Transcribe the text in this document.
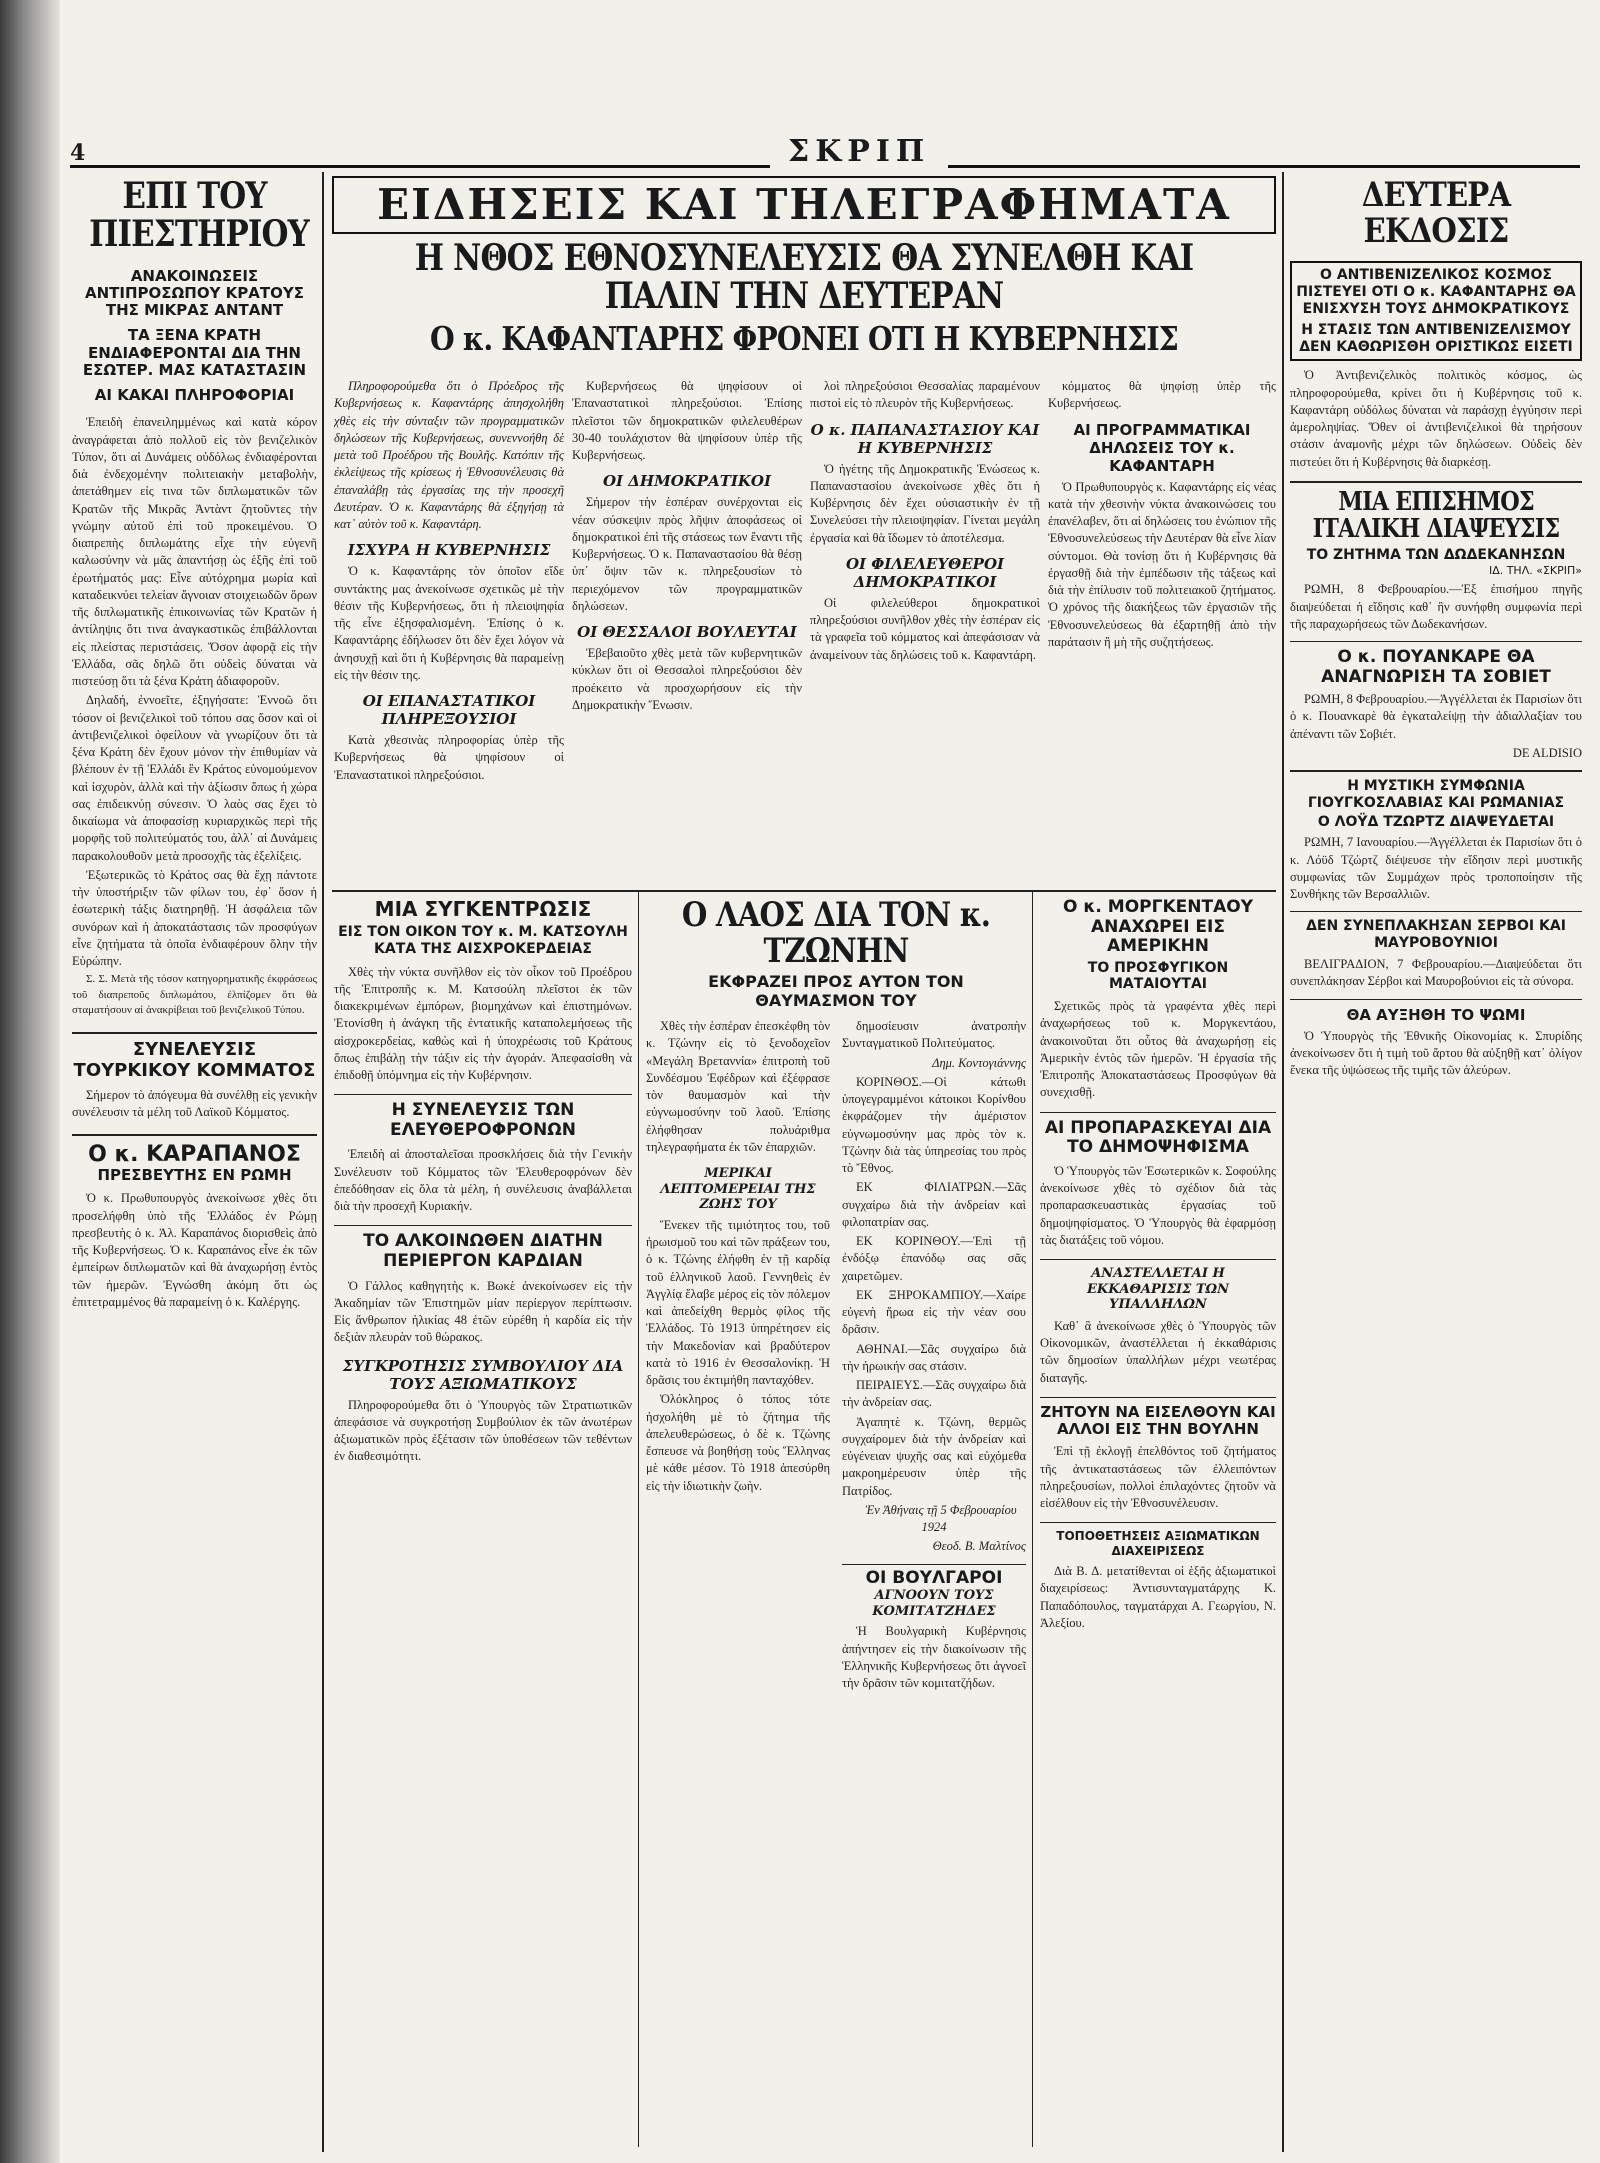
4	ΣΚΡΙΠ
ΕΠΙ ΤΟΥ ΠΙΕΣΤΗΡΙΟΥ
ΑΝΑΚΟΙΝΩΣΕΙΣ ΑΝΤΙΠΡΟΣΩΠΟΥ ΚΡΑΤΟΥΣ ΤΗΣ ΜΙΚΡΑΣ ΑΝΤΑΝΤ
ΤΑ ΞΕΝΑ ΚΡΑΤΗ ΕΝΔΙΑΦΕΡΟΝΤΑΙ ΔΙΑ ΤΗΝ ΕΣΩΤΕΡ. ΜΑΣ ΚΑΤΑΣΤΑΣΙΝ
ΑΙ ΚΑΚΑΙ ΠΛΗΡΟΦΟΡΙΑΙ

Ἐπειδὴ ἐπανειλημμένως καὶ κατὰ κόρον ἀναγράφεται ἀπὸ πολλοῦ εἰς τὸν βενιζελικὸν Τύπον, ὅτι αἱ Δυνάμεις οὐδόλως ἐνδιαφέρονται διὰ ἐνδεχομένην πολιτειακὴν μεταβολὴν, ἀπετάθημεν εἰς τινα τῶν διπλωματικῶν τῶν Κρατῶν τῆς Μικρᾶς Ἀντὰντ ζητοῦντες τὴν γνώμην αὐτοῦ ἐπὶ τοῦ προκειμένου. Ὁ διαπρεπὴς διπλωμάτης εἶχε τὴν εὐγενῆ καλωσύνην νὰ μᾶς ἀπαντήσῃ ὡς ἑξῆς ἐπὶ τοῦ ἐρωτήματός μας: Εἶνε αὐτόχρημα μωρία καὶ καταδεικνύει τελείαν ἄγνοιαν στοιχειωδῶν ὅρων τῆς διπλωματικῆς ἐπικοινωνίας τῶν Κρατῶν ἡ ἀντίληψις ὅτι τινα ἀναγκαστικῶς ἐπιβάλλονται εἰς πλείστας περιστάσεις. Ὅσον ἀφορᾷ εἰς τὴν Ἑλλάδα, σᾶς δηλῶ ὅτι οὐδεὶς δύναται νὰ πιστεύσῃ ὅτι τὰ ξένα Κράτη ἀδιαφοροῦν.

Δηλαδή, ἐννοεῖτε, ἐξηγήσατε: Ἐννοῶ ὅτι τόσον οἱ βενιζελικοὶ τοῦ τόπου σας ὅσον καὶ οἱ ἀντιβενιζελικοὶ ὀφείλουν νὰ γνωρίζουν ὅτι τὰ ξένα Κράτη δὲν ἔχουν μόνον τὴν ἐπιθυμίαν νὰ βλέπουν ἐν τῇ Ἑλλάδι ἓν Κράτος εὐνομούμενον καὶ ἰσχυρὸν, ἀλλὰ καὶ τὴν ἀξίωσιν ὅπως ἡ χώρα σας ἐπιδεικνύῃ σύνεσιν. Ὁ λαὸς σας ἔχει τὸ δικαίωμα νὰ ἀποφασίσῃ κυριαρχικῶς περὶ τῆς μορφῆς τοῦ πολιτεύματός του, ἀλλ᾽ αἱ Δυνάμεις παρακολουθοῦν μετὰ προσοχῆς τὰς ἐξελίξεις.

Ἐξωτερικῶς τὸ Κράτος σας θὰ ἔχῃ πάντοτε τὴν ὑποστήριξιν τῶν φίλων του, ἐφ᾽ ὅσον ἡ ἐσωτερικὴ τάξις διατηρηθῇ. Ἡ ἀσφάλεια τῶν συνόρων καὶ ἡ ἀποκατάστασις τῶν προσφύγων εἶνε ζητήματα τὰ ὁποῖα ἐνδιαφέρουν ὅλην τὴν Εὐρώπην.

Σ. Σ. Μετὰ τῆς τόσον κατηγορηματικῆς ἐκφράσεως τοῦ διαπρεποῦς διπλωμάτου, ἐλπίζομεν ὅτι θὰ σταματήσουν αἱ ἀνακρίβειαι τοῦ βενιζελικοῦ Τύπου.

ΣΥΝΕΛΕΥΣΙΣ ΤΟΥΡΚΙΚΟΥ ΚΟΜΜΑΤΟΣ

Σήμερον τὸ ἀπόγευμα θὰ συνέλθῃ εἰς γενικὴν συνέλευσιν τὰ μέλη τοῦ Λαϊκοῦ Κόμματος.

Ο κ. ΚΑΡΑΠΑΝΟΣ
ΠΡΕΣΒΕΥΤΗΣ ΕΝ ΡΩΜΗ

Ὁ κ. Πρωθυπουργὸς ἀνεκοίνωσε χθὲς ὅτι προσελήφθη ὑπὸ τῆς Ἑλλάδος ἐν Ρώμῃ πρεσβευτὴς ὁ κ. Ἀλ. Καραπάνος διορισθεὶς ἀπὸ τῆς Κυβερνήσεως. Ὁ κ. Καραπάνος εἶνε ἐκ τῶν ἐμπείρων διπλωματῶν καὶ θὰ ἀναχωρήσῃ ἐντὸς τῶν ἡμερῶν. Ἐγνώσθη ἀκόμη ὅτι ὡς ἐπιτετραμμένος θὰ παραμείνῃ ὁ κ. Καλέργης.

ΕΙΔΗΣΕΙΣ ΚΑΙ ΤΗΛΕΓΡΑΦΗΜΑΤΑ
Η ΝΘΟΣ ΕΘΝΟΣΥΝΕΛΕΥΣΙΣ ΘΑ ΣΥΝΕΛΘΗ ΚΑΙ ΠΑΛΙΝ ΤΗΝ ΔΕΥΤΕΡΑΝ
Ο κ. ΚΑΦΑΝΤΑΡΗΣ ΦΡΟΝΕΙ ΟΤΙ Η ΚΥΒΕΡΝΗΣΙΣ

Πληροφορούμεθα ὅτι ὁ Πρόεδρος τῆς Κυβερνήσεως κ. Καφαντάρης ἀπησχολήθη χθὲς εἰς τὴν σύνταξιν τῶν προγραμματικῶν δηλώσεων τῆς Κυβερνήσεως, συνεννοήθη δὲ μετὰ τοῦ Προέδρου τῆς Βουλῆς. Κατόπιν τῆς ἐκλείψεως τῆς κρίσεως ἡ Ἐθνοσυνέλευσις θὰ ἐπαναλάβῃ τὰς ἐργασίας της τὴν προσεχῆ Δευτέραν. Ὁ κ. Καφαντάρης θὰ ἐξηγήσῃ τὰ κατ᾽ αὐτὸν τοῦ κ. Καφαντάρη.

ΙΣΧΥΡΑ Η ΚΥΒΕΡΝΗΣΙΣ

Ὁ κ. Καφαντάρης τὸν ὁποῖον εἴδε συντάκτης μας ἀνεκοίνωσε σχετικῶς μὲ τὴν θέσιν τῆς Κυβερνήσεως, ὅτι ἡ πλειοψηφία τῆς εἶνε ἐξησφαλισμένη. Ἐπίσης ὁ κ. Καφαντάρης ἐδήλωσεν ὅτι δὲν ἔχει λόγον νὰ ἀνησυχῇ καὶ ὅτι ἡ Κυβέρνησις θὰ παραμείνῃ εἰς τὴν θέσιν της.

ΟΙ ΕΠΑΝΑΣΤΑΤΙΚΟΙ ΠΛΗΡΕΞΟΥΣΙΟΙ

Κατὰ χθεσινὰς πληροφορίας ὑπὲρ τῆς Κυβερνήσεως θὰ ψηφίσουν οἱ Ἐπαναστατικοὶ πληρεξούσιοι.

Κυβερνήσεως θὰ ψηφίσουν οἱ Ἐπαναστατικοὶ πληρεξούσιοι. Ἐπίσης πλεῖστοι τῶν δημοκρατικῶν φιλελευθέρων 30-40 τουλάχιστον θὰ ψηφίσουν ὑπὲρ τῆς Κυβερνήσεως.

ΟΙ ΔΗΜΟΚΡΑΤΙΚΟΙ

Σήμερον τὴν ἑσπέραν συνέρχονται εἰς νέαν σύσκεψιν πρὸς λῆψιν ἀποφάσεως οἱ δημοκρατικοὶ ἐπὶ τῆς στάσεως των ἔναντι τῆς Κυβερνήσεως. Ὁ κ. Παπαναστασίου θὰ θέσῃ ὑπ᾽ ὄψιν τῶν κ. πληρεξουσίων τὸ περιεχόμενον τῶν προγραμματικῶν δηλώσεων.

ΟΙ ΘΕΣΣΑΛΟΙ ΒΟΥΛΕΥΤΑΙ

Ἐβεβαιοῦτο χθὲς μετὰ τῶν κυβερνητικῶν κύκλων ὅτι οἱ Θεσσαλοὶ πληρεξούσιοι δὲν προέκειτο νὰ προσχωρήσουν εἰς τὴν Δημοκρατικὴν Ἕνωσιν.

λοὶ πληρεξούσιοι Θεσσαλίας παραμένουν πιστοὶ εἰς τὸ πλευρὸν τῆς Κυβερνήσεως.

Ο κ. ΠΑΠΑΝΑΣΤΑΣΙΟΥ ΚΑΙ Η ΚΥΒΕΡΝΗΣΙΣ

Ὁ ἡγέτης τῆς Δημοκρατικῆς Ἑνώσεως κ. Παπαναστασίου ἀνεκοίνωσε χθὲς ὅτι ἡ Κυβέρνησις δὲν ἔχει οὐσιαστικὴν ἐν τῇ Συνελεύσει τὴν πλειοψηφίαν. Γίνεται μεγάλη ἐργασία καὶ θὰ ἴδωμεν τὸ ἀποτέλεσμα.

ΟΙ ΦΙΛΕΛΕΥΘΕΡΟΙ ΔΗΜΟΚΡΑΤΙΚΟΙ

Οἱ φιλελεύθεροι δημοκρατικοὶ πληρεξούσιοι συνῆλθον χθὲς τὴν ἑσπέραν εἰς τὰ γραφεῖα τοῦ κόμματος καὶ ἀπεφάσισαν νὰ ἀναμείνουν τὰς δηλώσεις τοῦ κ. Καφαντάρη.

κόμματος θὰ ψηφίσῃ ὑπὲρ τῆς Κυβερνήσεως.

ΑΙ ΠΡΟΓΡΑΜΜΑΤΙΚΑΙ ΔΗΛΩΣΕΙΣ ΤΟΥ κ. ΚΑΦΑΝΤΑΡΗ

Ὁ Πρωθυπουργὸς κ. Καφαντάρης εἰς νέας κατὰ τὴν χθεσινὴν νύκτα ἀνακοινώσεις του ἐπανέλαβεν, ὅτι αἱ δηλώσεις του ἐνώπιον τῆς Ἐθνοσυνελεύσεως τὴν Δευτέραν θὰ εἶνε λίαν σύντομοι. Θὰ τονίσῃ ὅτι ἡ Κυβέρνησις θὰ ἐργασθῇ διὰ τὴν ἐμπέδωσιν τῆς τάξεως καὶ διὰ τὴν ἐπίλυσιν τοῦ πολιτειακοῦ ζητήματος. Ὁ χρόνος τῆς διακήξεως τῶν ἐργασιῶν τῆς Ἐθνοσυνελεύσεως θὰ ἐξαρτηθῇ ἀπὸ τὴν παράτασιν ἢ μὴ τῆς συζητήσεως.

ΜΙΑ ΣΥΓΚΕΝΤΡΩΣΙΣ
ΕΙΣ ΤΟΝ ΟΙΚΟΝ ΤΟΥ κ. Μ. ΚΑΤΣΟΥΛΗ ΚΑΤΑ ΤΗΣ ΑΙΣΧΡΟΚΕΡΔΕΙΑΣ

Χθὲς τὴν νύκτα συνῆλθον εἰς τὸν οἶκον τοῦ Προέδρου τῆς Ἐπιτροπῆς κ. Μ. Κατσούλη πλεῖστοι ἐκ τῶν διακεκριμένων ἐμπόρων, βιομηχάνων καὶ ἐπιστημόνων. Ἐτονίσθη ἡ ἀνάγκη τῆς ἐντατικῆς καταπολεμήσεως τῆς αἰσχροκερδείας, καθὼς καὶ ἡ ὑποχρέωσις τοῦ Κράτους ὅπως ἐπιβάλῃ τὴν τάξιν εἰς τὴν ἀγοράν. Ἀπεφασίσθη νὰ ἐπιδοθῇ ὑπόμνημα εἰς τὴν Κυβέρνησιν.

Η ΣΥΝΕΛΕΥΣΙΣ ΤΩΝ ΕΛΕΥΘΕΡΟΦΡΟΝΩΝ

Ἐπειδὴ αἱ ἀποσταλεῖσαι προσκλήσεις διὰ τὴν Γενικὴν Συνέλευσιν τοῦ Κόμματος τῶν Ἐλευθεροφρόνων δὲν ἐπεδόθησαν εἰς ὅλα τὰ μέλη, ἡ συνέλευσις ἀναβάλλεται διὰ τὴν προσεχῆ Κυριακήν.

ΤΟ ΑΛΚΟΙΝΩΘΕΝ ΔΙΑΤΗΝ ΠΕΡΙΕΡΓΟΝ ΚΑΡΔΙΑΝ

Ὁ Γάλλος καθηγητὴς κ. Βωκὲ ἀνεκοίνωσεν εἰς τὴν Ἀκαδημίαν τῶν Ἐπιστημῶν μίαν περίεργον περίπτωσιν. Εἰς ἄνθρωπον ἡλικίας 48 ἐτῶν εὑρέθη ἡ καρδία εἰς τὴν δεξιὰν πλευρὰν τοῦ θώρακος.

ΣΥΓΚΡΟΤΗΣΙΣ ΣΥΜΒΟΥΛΙΟΥ ΔΙΑ ΤΟΥΣ ΑΞΙΩΜΑΤΙΚΟΥΣ

Πληροφορούμεθα ὅτι ὁ Ὑπουργὸς τῶν Στρατιωτικῶν ἀπεφάσισε νὰ συγκροτήσῃ Συμβούλιον ἐκ τῶν ἀνωτέρων ἀξιωματικῶν πρὸς ἐξέτασιν τῶν ὑποθέσεων τῶν τεθέντων ἐν διαθεσιμότητι.

Ο ΛΑΟΣ ΔΙΑ ΤΟΝ κ. ΤΖΩΝΗΝ
ΕΚΦΡΑΖΕΙ ΠΡΟΣ ΑΥΤΟΝ ΤΟΝ ΘΑΥΜΑΣΜΟΝ ΤΟΥ

Χθὲς τὴν ἑσπέραν ἐπεσκέφθη τὸν κ. Τζώνην εἰς τὸ ξενοδοχεῖον «Μεγάλη Βρεταννία» ἐπιτροπὴ τοῦ Συνδέσμου Ἐφέδρων καὶ ἐξέφρασε τὸν θαυμασμὸν καὶ τὴν εὐγνωμοσύνην τοῦ λαοῦ. Ἐπίσης ἐλήφθησαν πολυάριθμα τηλεγραφήματα ἐκ τῶν ἐπαρχιῶν.

ΜΕΡΙΚΑΙ ΛΕΠΤΟΜΕΡΕΙΑΙ ΤΗΣ ΖΩΗΣ ΤΟΥ

Ἕνεκεν τῆς τιμιότητος του, τοῦ ἡρωισμοῦ του καὶ τῶν πράξεων του, ὁ κ. Τζώνης ἐλήφθη ἐν τῇ καρδίᾳ τοῦ ἑλληνικοῦ λαοῦ. Γεννηθεὶς ἐν Ἀγγλίᾳ ἔλαβε μέρος εἰς τὸν πόλεμον καὶ ἀπεδείχθη θερμὸς φίλος τῆς Ἑλλάδος. Τὸ 1913 ὑπηρέτησεν εἰς τὴν Μακεδονίαν καὶ βραδύτερον κατὰ τὸ 1916 ἐν Θεσσαλονίκῃ. Ἡ δρᾶσις του ἐκτιμήθη πανταχόθεν.

Ὁλόκληρος ὁ τόπος τότε ἠσχολήθη μὲ τὸ ζήτημα τῆς ἀπελευθερώσεως, ὁ δὲ κ. Τζώνης ἔσπευσε νὰ βοηθήσῃ τοὺς Ἕλληνας μὲ κάθε μέσον. Τὸ 1918 ἀπεσύρθη εἰς τὴν ἰδιωτικὴν ζωὴν.

δημοσίευσιν ἀνατροπὴν Συνταγματικοῦ Πολιτεύματος.

Δημ. Κοντογιάννης

ΚΟΡΙΝΘΟΣ.—Οἱ κάτωθι ὑπογεγραμμένοι κάτοικοι Κορίνθου ἐκφράζομεν τὴν ἀμέριστον εὐγνωμοσύνην μας πρὸς τὸν κ. Τζώνην διὰ τὰς ὑπηρεσίας του πρὸς τὸ Ἔθνος.

ΕΚ ΦΙΛΙΑΤΡΩΝ.—Σᾶς συγχαίρω διὰ τὴν ἀνδρείαν καὶ φιλοπατρίαν σας.

ΕΚ ΚΟΡΙΝΘΟΥ.—Ἐπὶ τῇ ἐνδόξῳ ἐπανόδῳ σας σᾶς χαιρετῶμεν.

ΕΚ ΞΗΡΟΚΑΜΠΙΟΥ.—Χαίρε εὐγενὴ ἥρωα εἰς τὴν νέαν σου δρᾶσιν.

ΑΘΗΝΑΙ.—Σᾶς συγχαίρω διὰ τὴν ἡρωικήν σας στάσιν.

ΠΕΙΡΑΙΕΥΣ.—Σᾶς συγχαίρω διὰ τὴν ἀνδρείαν σας.

Ἀγαπητὲ κ. Τζώνη, θερμῶς συγχαίρομεν διὰ τὴν ἀνδρείαν καὶ εὐγένειαν ψυχῆς σας καὶ εὐχόμεθα μακροημέρευσιν ὑπὲρ τῆς Πατρίδος.

Ἐν Ἀθήναις τῇ 5 Φεβρουαρίου 1924

Θεοδ. Β. Μαλτίνος

ΟΙ ΒΟΥΛΓΑΡΟΙ
ΑΓΝΟΟΥΝ ΤΟΥΣ ΚΟΜΙΤΑΤΖΗΔΕΣ

Ἡ Βουλγαρικὴ Κυβέρνησις ἀπήντησεν εἰς τὴν διακοίνωσιν τῆς Ἑλληνικῆς Κυβερνήσεως ὅτι ἀγνοεῖ τὴν δρᾶσιν τῶν κομιτατζήδων.

Ο κ. ΜΟΡΓΚΕΝΤΑΟΥ ΑΝΑΧΩΡΕΙ ΕΙΣ ΑΜΕΡΙΚΗΝ
ΤΟ ΠΡΟΣΦΥΓΙΚΟΝ ΜΑΤΑΙΟΥΤΑΙ

Σχετικῶς πρὸς τὰ γραφέντα χθὲς περὶ ἀναχωρήσεως τοῦ κ. Μοργκεντάου, ἀνακοινοῦται ὅτι οὗτος θὰ ἀναχωρήσῃ εἰς Ἀμερικὴν ἐντὸς τῶν ἡμερῶν. Ἡ ἐργασία τῆς Ἐπιτροπῆς Ἀποκαταστάσεως Προσφύγων θὰ συνεχισθῇ.

ΑΙ ΠΡΟΠΑΡΑΣΚΕΥΑΙ ΔΙΑ ΤΟ ΔΗΜΟΨΗΦΙΣΜΑ

Ὁ Ὑπουργὸς τῶν Ἐσωτερικῶν κ. Σοφούλης ἀνεκοίνωσε χθὲς τὸ σχέδιον διὰ τὰς προπαρασκευαστικὰς ἐργασίας τοῦ δημοψηφίσματος. Ὁ Ὑπουργὸς θὰ ἐφαρμόσῃ τὰς διατάξεις τοῦ νόμου.

ΑΝΑΣΤΕΛΛΕΤΑΙ Η ΕΚΚΑΘΑΡΙΣΙΣ ΤΩΝ ΥΠΑΛΛΗΛΩΝ

Καθ᾽ ἃ ἀνεκοίνωσε χθὲς ὁ Ὑπουργὸς τῶν Οἰκονομικῶν, ἀναστέλλεται ἡ ἐκκαθάρισις τῶν δημοσίων ὑπαλλήλων μέχρι νεωτέρας διαταγῆς.

ΖΗΤΟΥΝ ΝΑ ΕΙΣΕΛΘΟΥΝ ΚΑΙ ΑΛΛΟΙ ΕΙΣ ΤΗΝ ΒΟΥΛΗΝ

Ἐπὶ τῇ ἐκλογῇ ἐπελθόντος τοῦ ζητήματος τῆς ἀντικαταστάσεως τῶν ἐλλειπόντων πληρεξουσίων, πολλοὶ ἐπιλαχόντες ζητοῦν νὰ εἰσέλθουν εἰς τὴν Ἐθνοσυνέλευσιν.

ΤΟΠΟΘΕΤΗΣΕΙΣ ΑΞΙΩΜΑΤΙΚΩΝ ΔΙΑΧΕΙΡΙΣΕΩΣ

Διὰ Β. Δ. μετατίθενται οἱ ἑξῆς ἀξιωματικοὶ διαχειρίσεως: Ἀντισυνταγματάρχης Κ. Παπαδόπουλος, ταγματάρχαι Α. Γεωργίου, Ν. Ἀλεξίου.

ΔΕΥΤΕΡΑ ΕΚΔΟΣΙΣ
Ο ΑΝΤΙΒΕΝΙΖΕΛΙΚΟΣ ΚΟΣΜΟΣ ΠΙΣΤΕΥΕΙ ΟΤΙ Ο κ. ΚΑΦΑΝΤΑΡΗΣ ΘΑ ΕΝΙΣΧΥΣΗ ΤΟΥΣ ΔΗΜΟΚΡΑΤΙΚΟΥΣ
Η ΣΤΑΣΙΣ ΤΩΝ ΑΝΤΙΒΕΝΙΖΕΛΙΣΜΟΥ ΔΕΝ ΚΑΘΩΡΙΣΘΗ ΟΡΙΣΤΙΚΩΣ ΕΙΣΕΤΙ

Ὁ Ἀντιβενιζελικὸς πολιτικὸς κόσμος, ὡς πληροφορούμεθα, κρίνει ὅτι ἡ Κυβέρνησις τοῦ κ. Καφαντάρη οὐδόλως δύναται νὰ παράσχῃ ἐγγύησιν περὶ ἀμεροληψίας. Ὅθεν οἱ ἀντιβενιζελικοὶ θὰ τηρήσουν στάσιν ἀναμονῆς μέχρι τῶν δηλώσεων. Οὐδεὶς δὲν πιστεύει ὅτι ἡ Κυβέρνησις θὰ διαρκέσῃ.

ΜΙΑ ΕΠΙΣΗΜΟΣ ΙΤΑΛΙΚΗ ΔΙΑΨΕΥΣΙΣ
ΤΟ ΖΗΤΗΜΑ ΤΩΝ ΔΩΔΕΚΑΝΗΣΩΝ
ΙΔ. ΤΗΛ. «ΣΚΡΙΠ»

ΡΩΜΗ, 8 Φεβρουαρίου.—Ἐξ ἐπισήμου πηγῆς διαψεύδεται ἡ εἴδησις καθ᾽ ἣν συνήφθη συμφωνία περὶ τῆς παραχωρήσεως τῶν Δωδεκανήσων.

Ο κ. ΠΟΥΑΝΚΑΡΕ ΘΑ ΑΝΑΓΝΩΡΙΣΗ ΤΑ ΣΟΒΙΕΤ

ΡΩΜΗ, 8 Φεβρουαρίου.—Ἀγγέλλεται ἐκ Παρισίων ὅτι ὁ κ. Πουανκαρὲ θὰ ἐγκαταλείψῃ τὴν ἀδιαλλαξίαν του ἀπέναντι τῶν Σοβιέτ.

DE ALDISIO

Η ΜΥΣΤΙΚΗ ΣΥΜΦΩΝΙΑ ΓΙΟΥΓΚΟΣΛΑΒΙΑΣ ΚΑΙ ΡΩΜΑΝΙΑΣ
Ο ΛΟΫΔ ΤΖΩΡΤΖ ΔΙΑΨΕΥΔΕΤΑΙ

ΡΩΜΗ, 7 Ιανουαρίου.—Ἀγγέλλεται ἐκ Παρισίων ὅτι ὁ κ. Λόϋδ Τζώρτζ διέψευσε τὴν εἴδησιν περὶ μυστικῆς συμφωνίας τῶν Συμμάχων πρὸς τροποποίησιν τῆς Συνθήκης τῶν Βερσαλλιῶν.

ΔΕΝ ΣΥΝΕΠΛΑΚΗΣΑΝ ΣΕΡΒΟΙ ΚΑΙ ΜΑΥΡΟΒΟΥΝΙΟΙ

ΒΕΛΙΓΡΑΔΙΟΝ, 7 Φεβρουαρίου.—Διαψεύδεται ὅτι συνεπλάκησαν Σέρβοι καὶ Μαυροβούνιοι εἰς τὰ σύνορα.

ΘΑ ΑΥΞΗΘΗ ΤΟ ΨΩΜΙ

Ὁ Ὑπουργὸς τῆς Ἐθνικῆς Οἰκονομίας κ. Σπυρίδης ἀνεκοίνωσεν ὅτι ἡ τιμὴ τοῦ ἄρτου θὰ αὐξηθῇ κατ᾽ ὀλίγον ἕνεκα τῆς ὑψώσεως τῆς τιμῆς τῶν ἀλεύρων.
